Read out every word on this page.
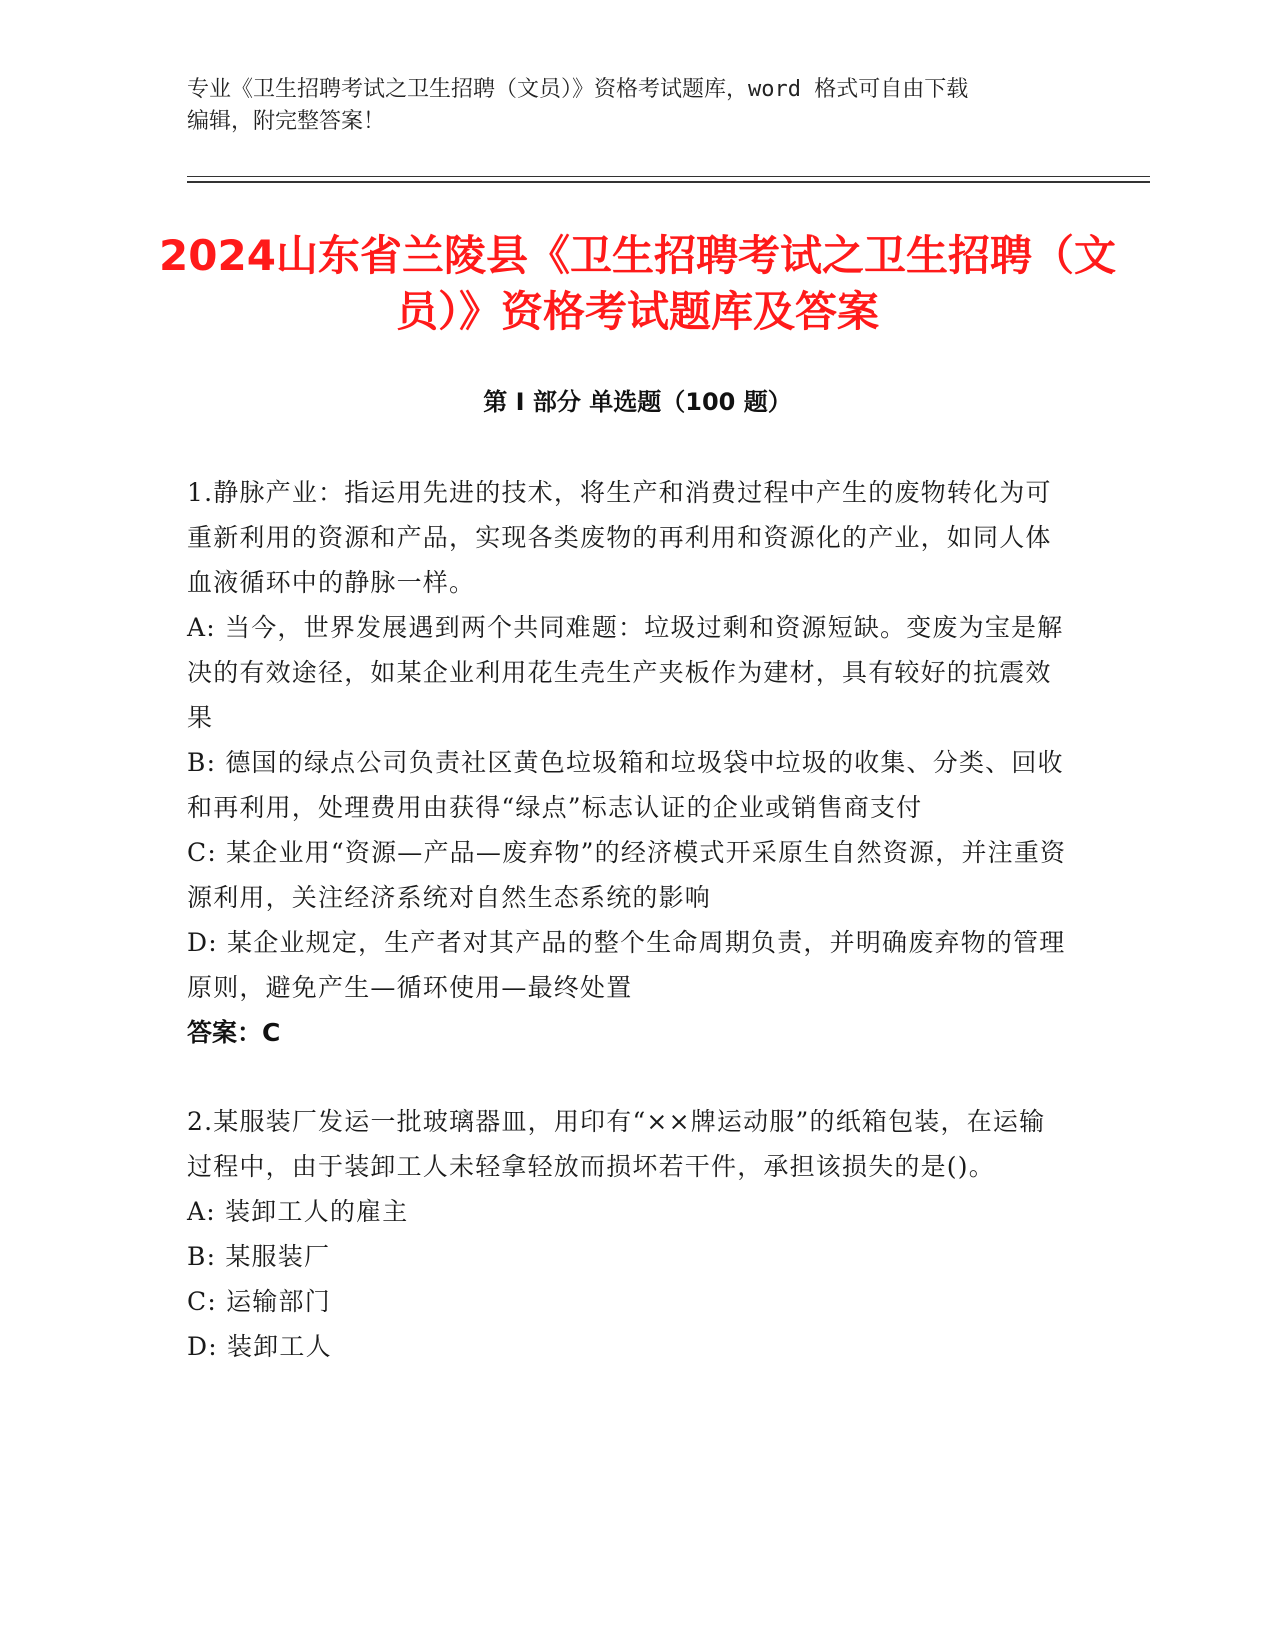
专业《卫生招聘考试之卫生招聘（文员）》资格考试题库，word 格式可自由下载
编辑，附完整答案！
2024山东省兰陵县《卫生招聘考试之卫生招聘（文员）》资格考试题库及答案
第 I 部分 单选题（100 题）

1.静脉产业：指运用先进的技术，将生产和消费过程中产生的废物转化为可重新利用的资源和产品，实现各类废物的再利用和资源化的产业，如同人体血液循环中的静脉一样。

A: 当今，世界发展遇到两个共同难题：垃圾过剩和资源短缺。变废为宝是解决的有效途径，如某企业利用花生壳生产夹板作为建材，具有较好的抗震效果

B: 德国的绿点公司负责社区黄色垃圾箱和垃圾袋中垃圾的收集、分类、回收和再利用，处理费用由获得“绿点”标志认证的企业或销售商支付

C: 某企业用“资源—产品—废弃物”的经济模式开采原生自然资源，并注重资源利用，关注经济系统对自然生态系统的影响

D: 某企业规定，生产者对其产品的整个生命周期负责，并明确废弃物的管理原则，避免产生—循环使用—最终处置

答案：C

2.某服装厂发运一批玻璃器皿，用印有“××牌运动服”的纸箱包装，在运输过程中，由于装卸工人未轻拿轻放而损坏若干件，承担该损失的是()。

A: 装卸工人的雇主

B: 某服装厂

C: 运输部门

D: 装卸工人
